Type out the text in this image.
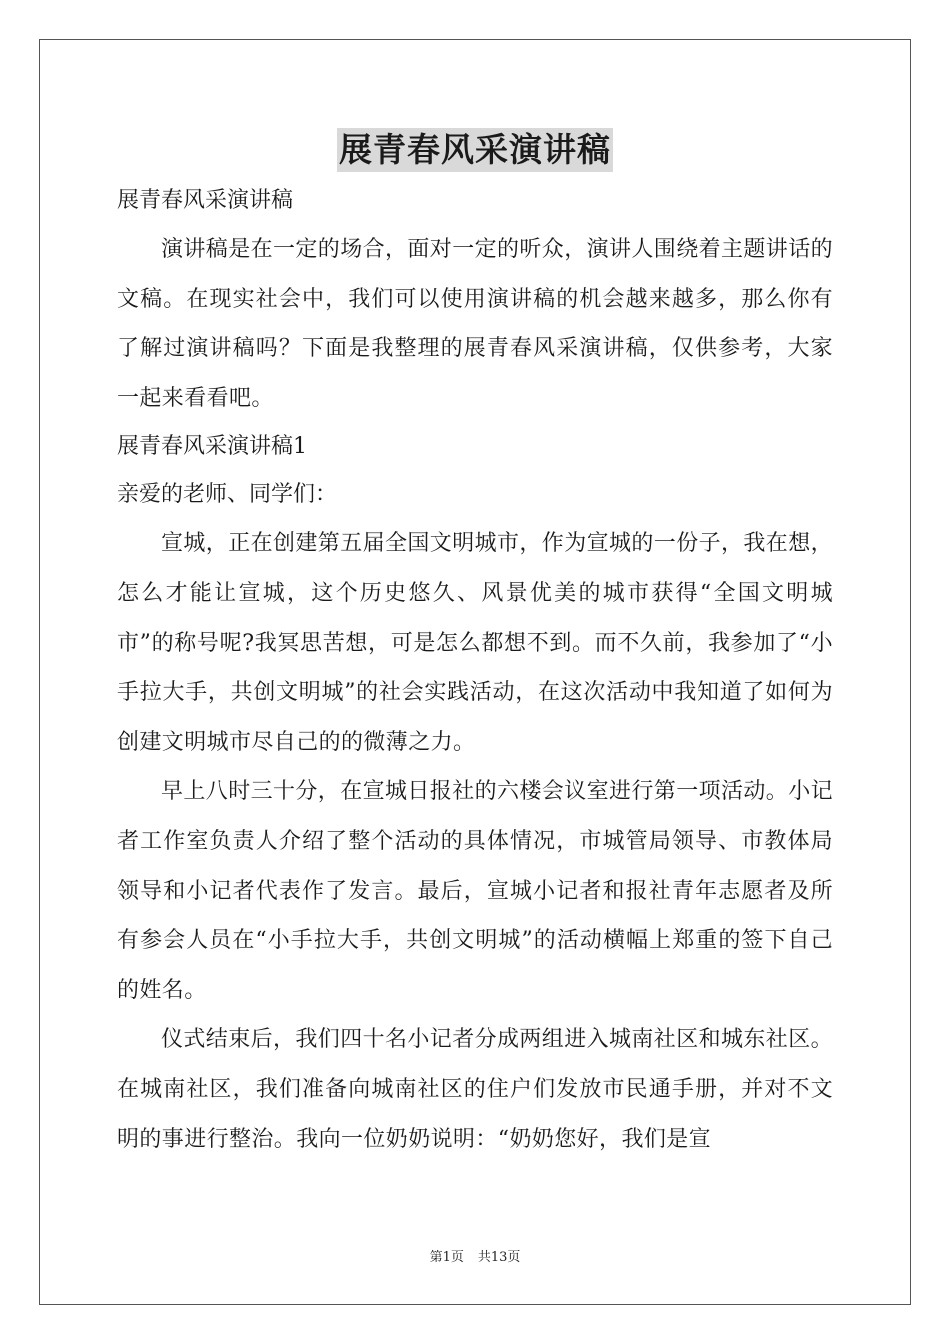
展青春风采演讲稿

展青春风采演讲稿

演讲稿是在一定的场合，面对一定的听众，演讲人围绕着主题讲话的文稿。在现实社会中，我们可以使用演讲稿的机会越来越多，那么你有了解过演讲稿吗？下面是我整理的展青春风采演讲稿，仅供参考，大家一起来看看吧。

展青春风采演讲稿1

亲爱的老师、同学们：

宣城，正在创建第五届全国文明城市，作为宣城的一份子，我在想，怎么才能让宣城，这个历史悠久、风景优美的城市获得“全国文明城市”的称号呢?我冥思苦想，可是怎么都想不到。而不久前，我参加了“小手拉大手，共创文明城”的社会实践活动，在这次活动中我知道了如何为创建文明城市尽自己的的微薄之力。

早上八时三十分，在宣城日报社的六楼会议室进行第一项活动。小记者工作室负责人介绍了整个活动的具体情况，市城管局领导、市教体局领导和小记者代表作了发言。最后，宣城小记者和报社青年志愿者及所有参会人员在“小手拉大手，共创文明城”的活动横幅上郑重的签下自己的姓名。

仪式结束后，我们四十名小记者分成两组进入城南社区和城东社区。在城南社区，我们准备向城南社区的住户们发放市民通手册，并对不文明的事进行整治。我向一位奶奶说明：“奶奶您好，我们是宣

第1页 共13页
